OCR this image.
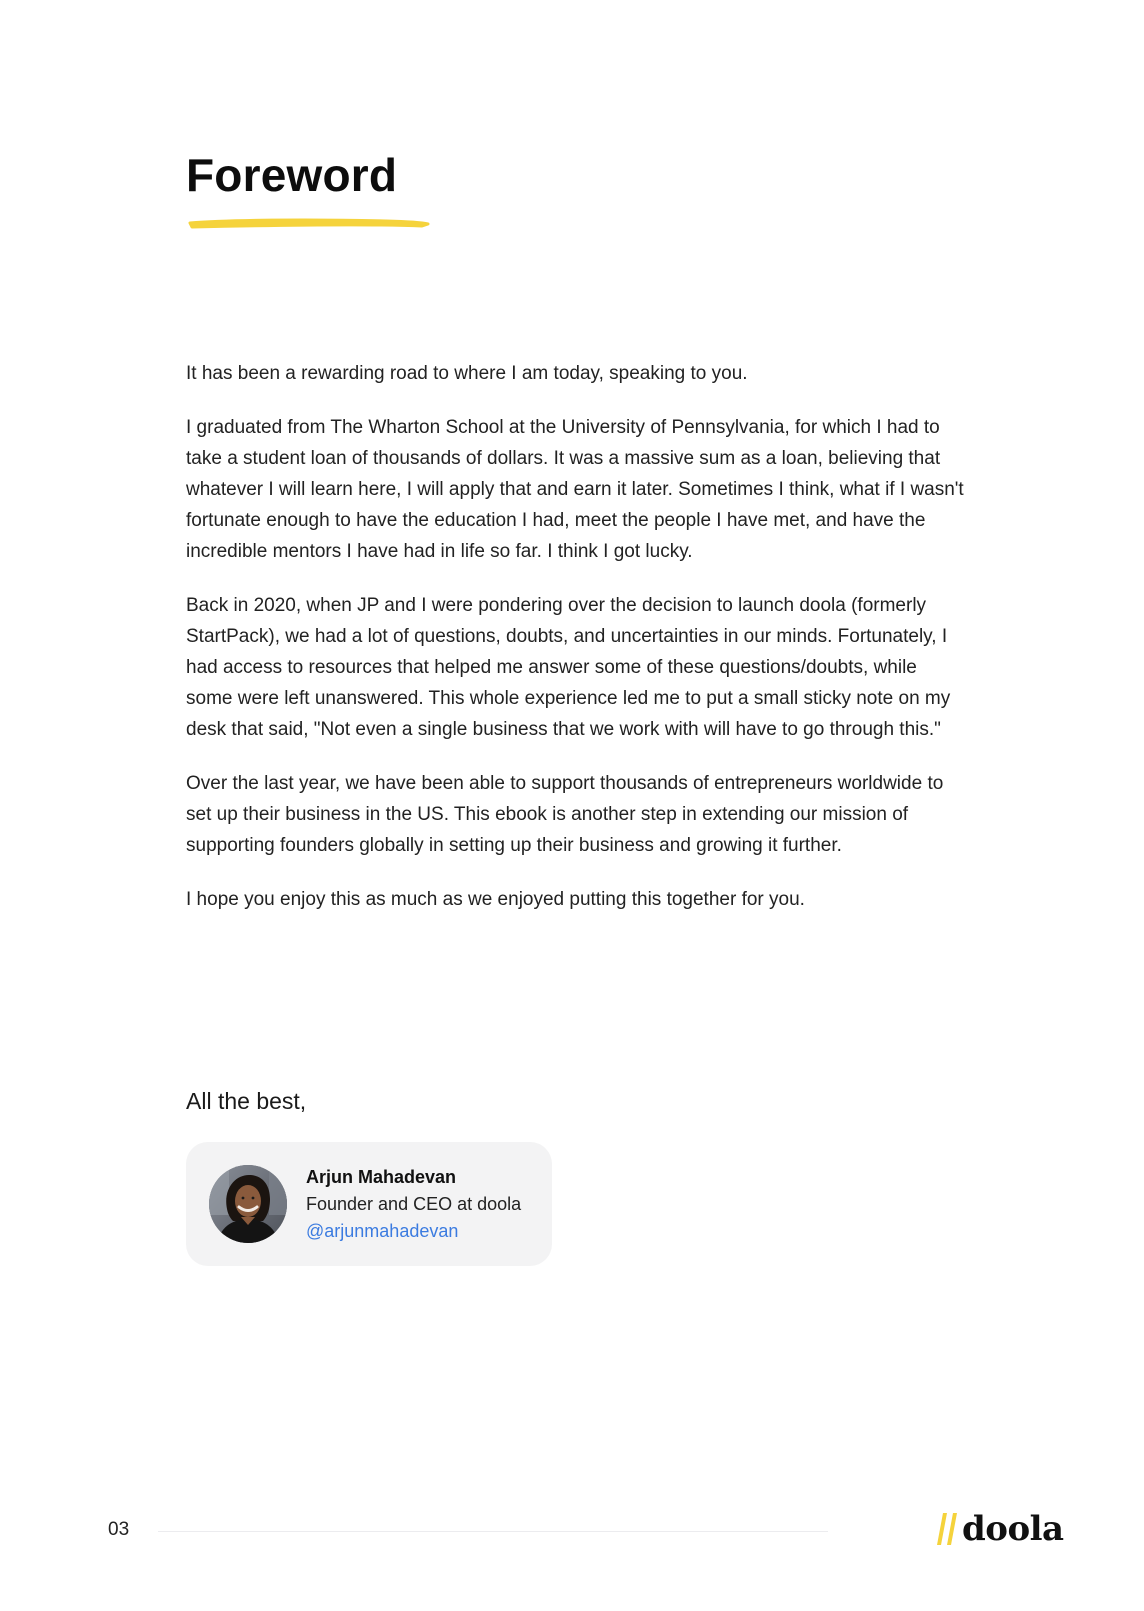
Foreword

It has been a rewarding road to where I am today, speaking to you.

I graduated from The Wharton School at the University of Pennsylvania, for which I had to take a student loan of thousands of dollars. It was a massive sum as a loan, believing that whatever I will learn here, I will apply that and earn it later. Sometimes I think, what if I wasn't fortunate enough to have the education I had, meet the people I have met, and have the incredible mentors I have had in life so far. I think I got lucky.

Back in 2020, when JP and I were pondering over the decision to launch doola (formerly StartPack), we had a lot of questions, doubts, and uncertainties in our minds. Fortunately, I had access to resources that helped me answer some of these questions/doubts, while some were left unanswered. This whole experience led me to put a small sticky note on my desk that said, "Not even a single business that we work with will have to go through this."

Over the last year, we have been able to support thousands of entrepreneurs worldwide to set up their business in the US. This ebook is another step in extending our mission of supporting founders globally in setting up their business and growing it further.

I hope you enjoy this as much as we enjoyed putting this together for you.

All the best,
Arjun Mahadevan
Founder and CEO at doola
@arjunmahadevan
03	doola
